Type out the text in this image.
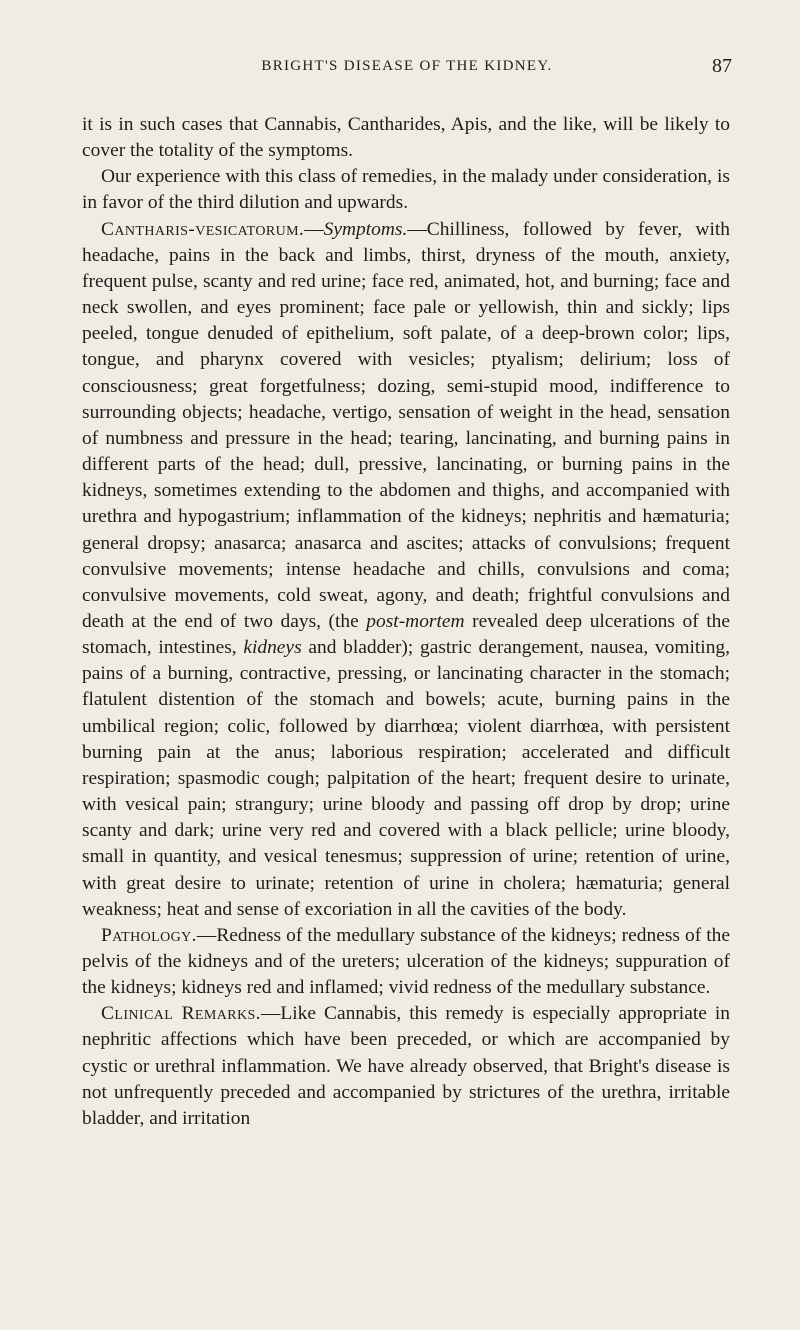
BRIGHT'S DISEASE OF THE KIDNEY.	87

it is in such cases that Cannabis, Cantharides, Apis, and the like, will be likely to cover the totality of the symptoms.

Our experience with this class of remedies, in the malady under consideration, is in favor of the third dilution and upwards.

Cantharis-vesicatorum.—Symptoms.—Chilliness, followed by fever, with headache, pains in the back and limbs, thirst, dryness of the mouth, anxiety, frequent pulse, scanty and red urine; face red, animated, hot, and burning; face and neck swollen, and eyes prominent; face pale or yellowish, thin and sickly; lips peeled, tongue denuded of epithelium, soft palate, of a deep-brown color; lips, tongue, and pharynx covered with vesicles; ptyalism; delirium; loss of consciousness; great forgetfulness; dozing, semi-stupid mood, indifference to surrounding objects; headache, vertigo, sensation of weight in the head, sensation of numbness and pressure in the head; tearing, lancinating, and burning pains in different parts of the head; dull, pressive, lancinating, or burning pains in the kidneys, sometimes extending to the abdomen and thighs, and accompanied with urethra and hypogastrium; inflammation of the kidneys; nephritis and hæmaturia; general dropsy; anasarca; anasarca and ascites; attacks of convulsions; frequent convulsive movements; intense headache and chills, convulsions and coma; convulsive movements, cold sweat, agony, and death; frightful convulsions and death at the end of two days, (the post-mortem revealed deep ulcerations of the stomach, intestines, kidneys and bladder); gastric derangement, nausea, vomiting, pains of a burning, contractive, pressing, or lancinating character in the stomach; flatulent distention of the stomach and bowels; acute, burning pains in the umbilical region; colic, followed by diarrhœa; violent diarrhœa, with persistent burning pain at the anus; laborious respiration; accelerated and difficult respiration; spasmodic cough; palpitation of the heart; frequent desire to urinate, with vesical pain; strangury; urine bloody and passing off drop by drop; urine scanty and dark; urine very red and covered with a black pellicle; urine bloody, small in quantity, and vesical tenesmus; suppression of urine; retention of urine, with great desire to urinate; retention of urine in cholera; hæmaturia; general weakness; heat and sense of excoriation in all the cavities of the body.

Pathology.—Redness of the medullary substance of the kidneys; redness of the pelvis of the kidneys and of the ureters; ulceration of the kidneys; suppuration of the kidneys; kidneys red and inflamed; vivid redness of the medullary substance.

Clinical Remarks.—Like Cannabis, this remedy is especially appropriate in nephritic affections which have been preceded, or which are accompanied by cystic or urethral inflammation. We have already observed, that Bright's disease is not unfrequently preceded and accompanied by strictures of the urethra, irritable bladder, and irritation
